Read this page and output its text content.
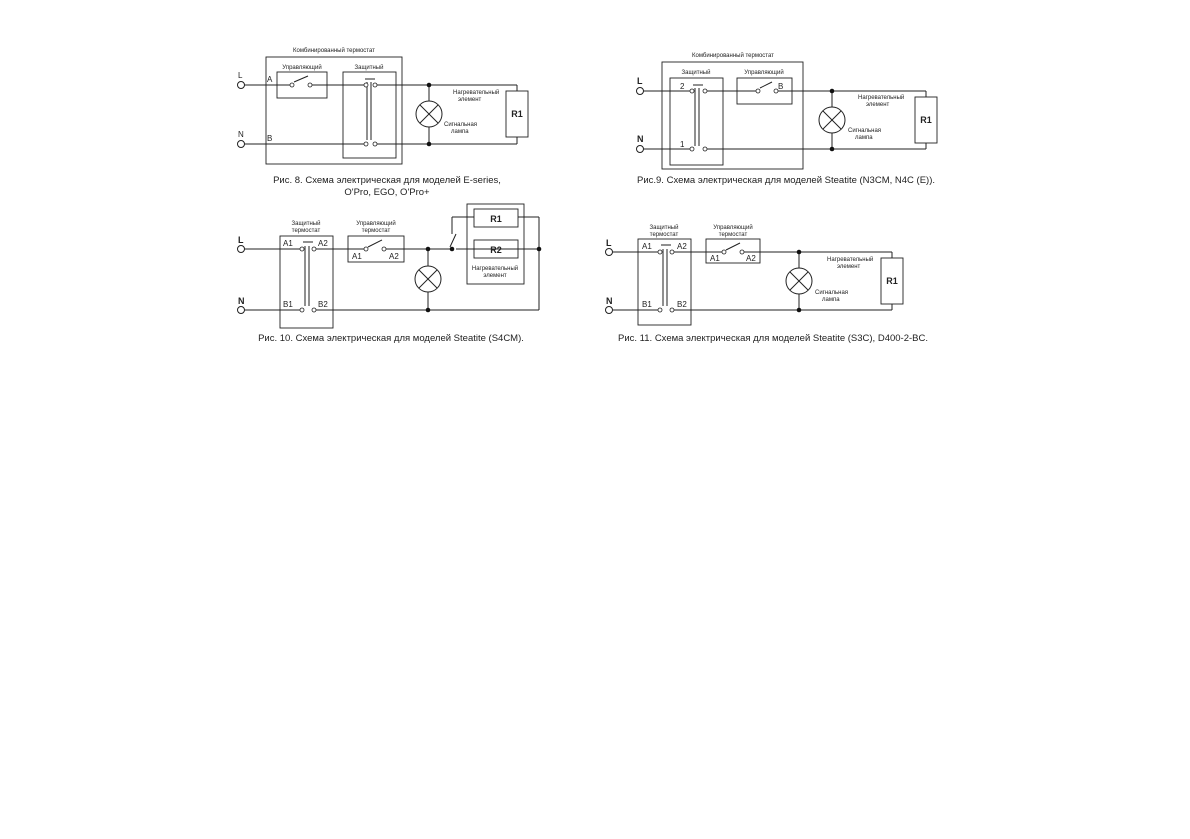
Комбинированный термостат
Управляющий	Защитный
L
N
A
B
R1
Нагревательный элемент
Сигнальная лампа
Рис. 8. Схема электрическая для моделей E-series,
O'Pro, EGO, O'Pro+
Комбинированный термостат
Защитный	Управляющий
L
N
2
1
B
R1
Нагревательный элемент
Сигнальная лампа
Рис.9. Схема электрическая для моделей Steatite (N3CM, N4C (E)).
Защитный термостат
Управляющий термостат
L
N
A1	A2
B1	B2
A1	A2
R1
R2
Нагревательный элемент
Рис. 10. Схема электрическая для моделей Steatite (S4CM).
Защитный термостат
Управляющий термостат
L
N
A1	A2
B1	B2
A1	A2
R1
Нагревательный элемент
Сигнальная лампа
Рис. 11. Схема электрическая для моделей Steatite (S3C), D400-2-BC.
